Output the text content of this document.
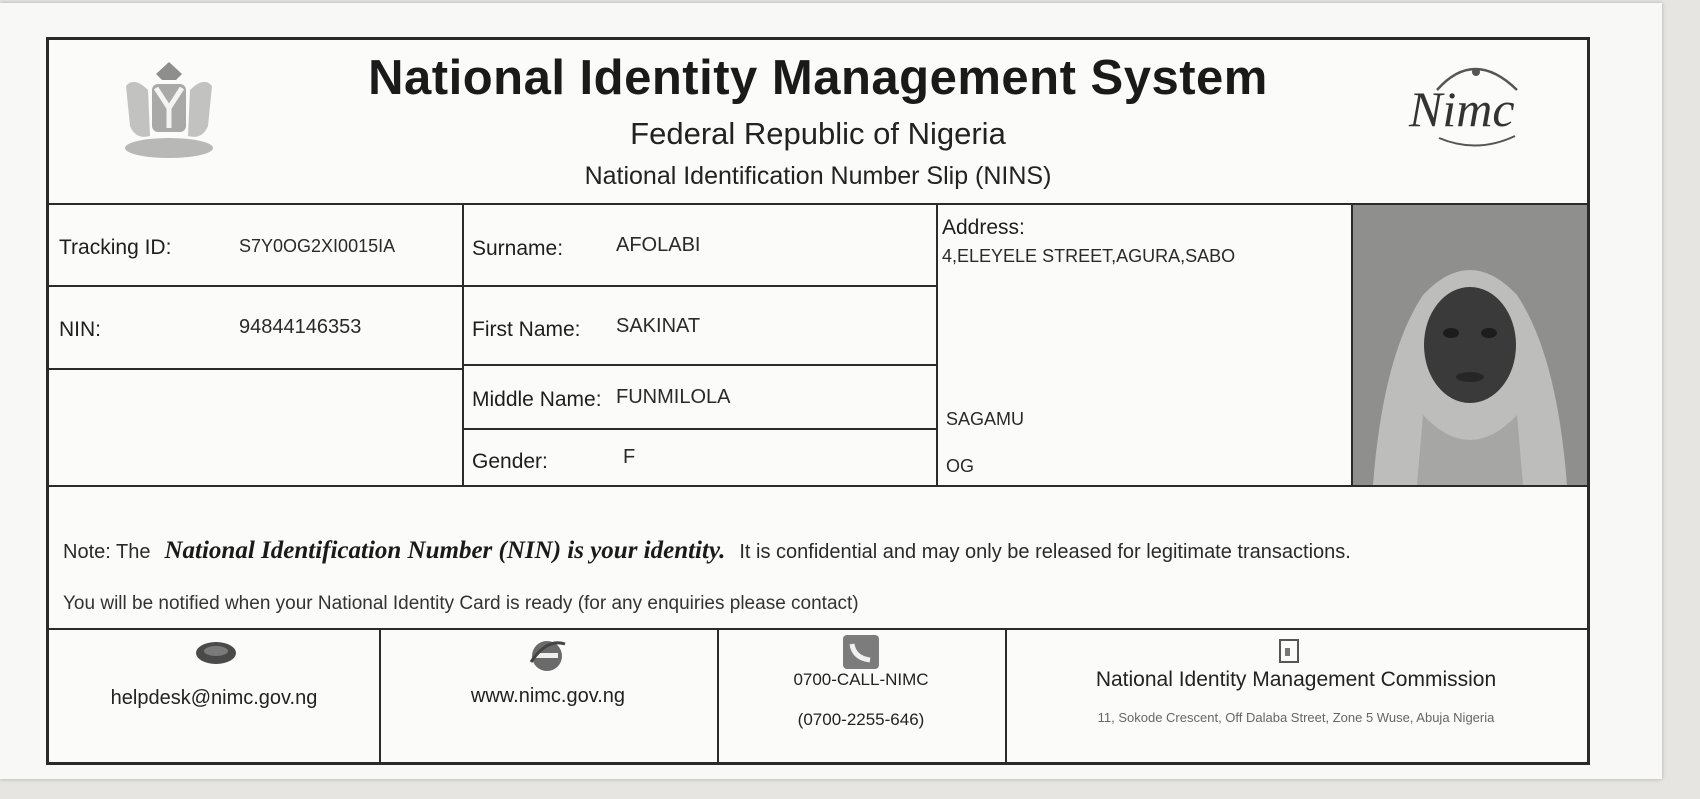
National Identity Management System
Federal Republic of Nigeria
National Identification Number Slip (NINS)
Nimc
Tracking ID:	S7Y0OG2XI0015IA
NIN:	94844146353
Surname:	AFOLABI
First Name: SAKINAT
Middle Name: FUNMILOLA
Gender:	F
Address:
4,ELEYELE STREET,AGURA,SABO
SAGAMU
OG
Note: The National Identification Number (NIN) is your identity. It is confidential and may only be released for legitimate transactions.
You will be notified when your National Identity Card is ready (for any enquiries please contact)
helpdesk@nimc.gov.ng	www.nimc.gov.ng
0700-CALL-NIMC
(0700-2255-646)
National Identity Management Commission
11, Sokode Crescent, Off Dalaba Street, Zone 5 Wuse, Abuja Nigeria
